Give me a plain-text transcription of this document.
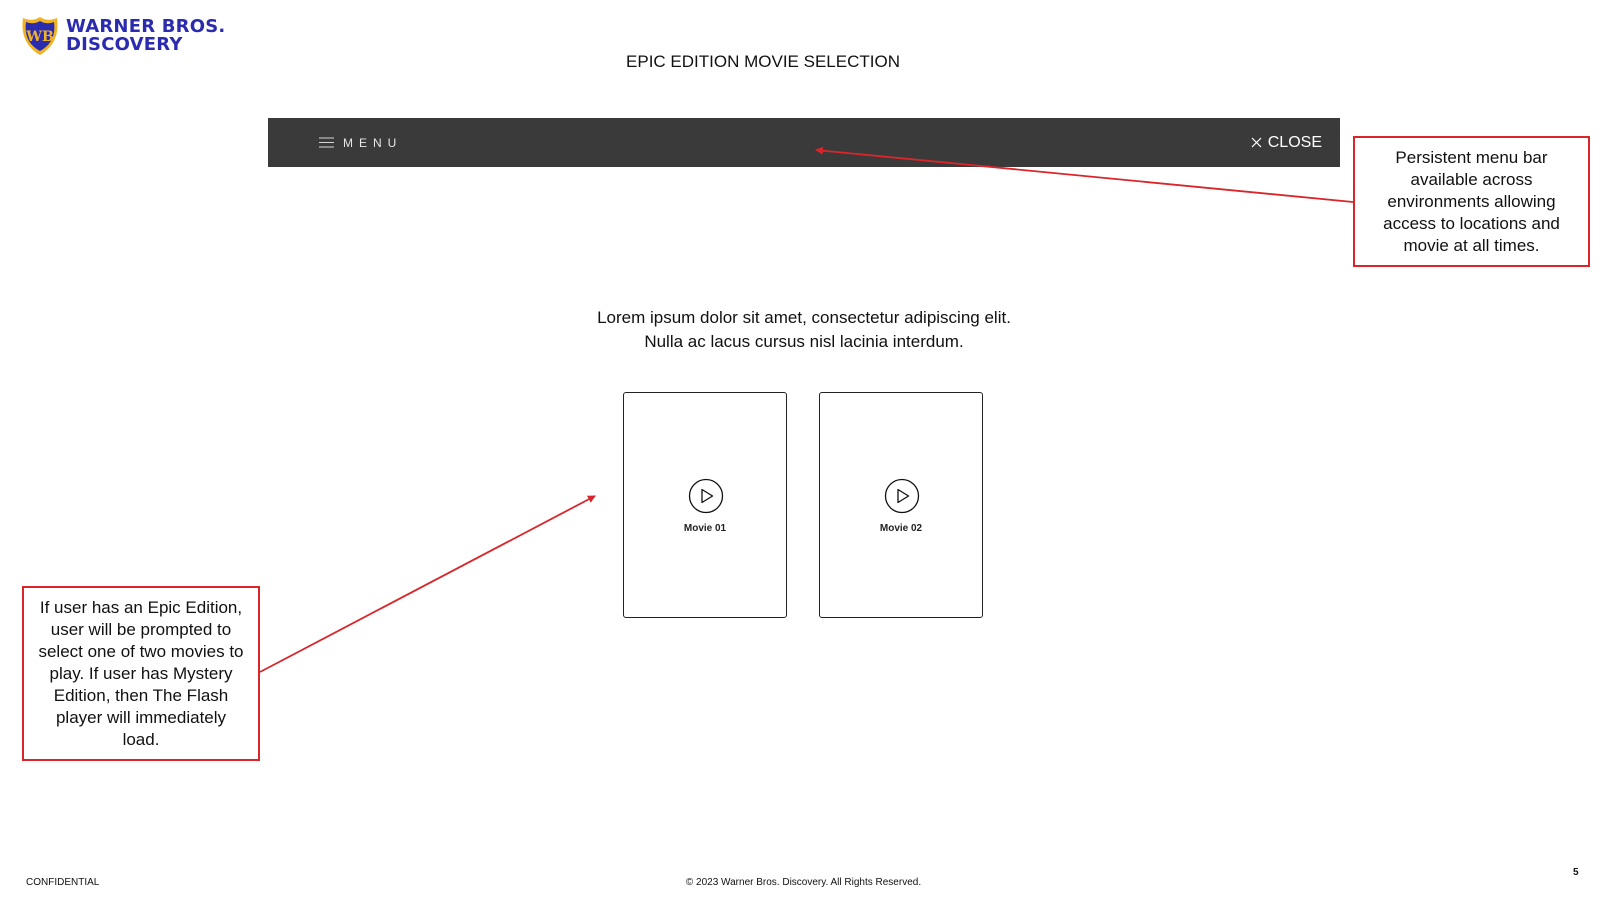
WB WARNER BROS.
DISCOVERY
EPIC EDITION MOVIE SELECTION
MENU	CLOSE
Lorem ipsum dolor sit amet, consectetur adipiscing elit.
Nulla ac lacus cursus nisl lacinia interdum.
Movie 01	Movie 02
Persistent menu bar available across environments allowing access to locations and movie at all times.
If user has an Epic Edition, user will be prompted to select one of two movies to play. If user has Mystery Edition, then The Flash player will immediately load.
CONFIDENTIAL	© 2023 Warner Bros. Discovery. All Rights Reserved.
5
